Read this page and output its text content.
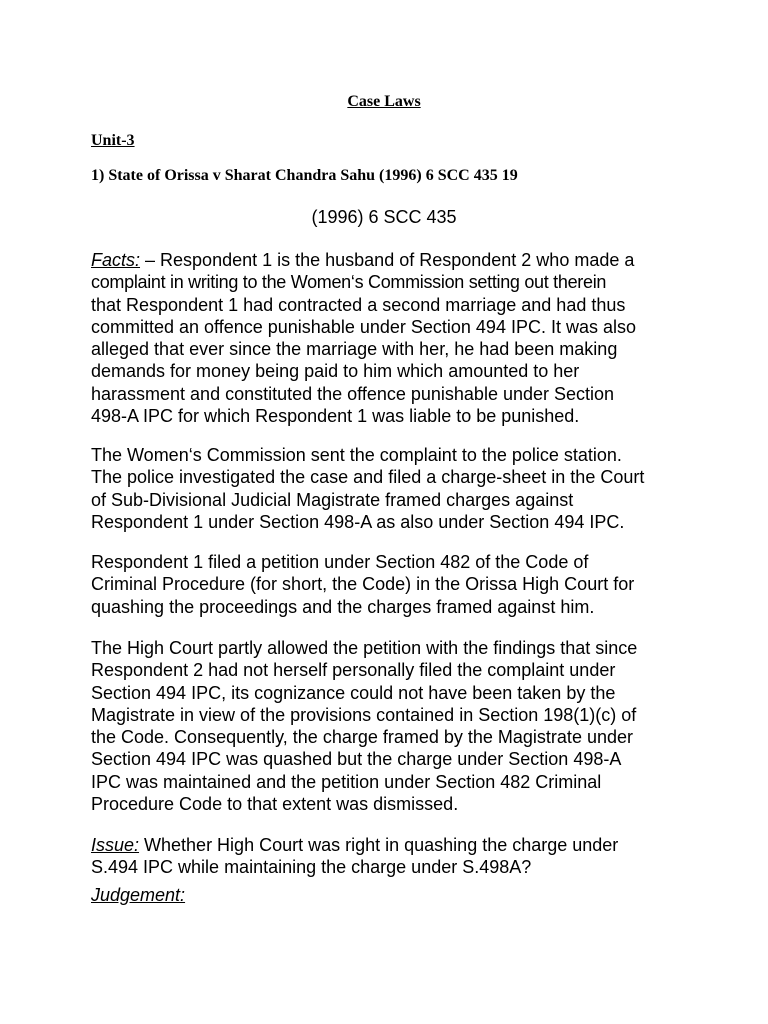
Case Laws
Unit-3
1) State of Orissa v Sharat Chandra Sahu (1996) 6 SCC 435 19
(1996) 6 SCC 435
Facts: – Respondent 1 is the husband of Respondent 2 who made a
complaint in writing to the Women‘s Commission setting out therein
that Respondent 1 had contracted a second marriage and had thus
committed an offence punishable under Section 494 IPC. It was also
alleged that ever since the marriage with her, he had been making
demands for money being paid to him which amounted to her
harassment and constituted the offence punishable under Section
498-A IPC for which Respondent 1 was liable to be punished.
The Women‘s Commission sent the complaint to the police station.
The police investigated the case and filed a charge-sheet in the Court
of Sub-Divisional Judicial Magistrate framed charges against
Respondent 1 under Section 498-A as also under Section 494 IPC.
Respondent 1 filed a petition under Section 482 of the Code of
Criminal Procedure (for short, the Code) in the Orissa High Court for
quashing the proceedings and the charges framed against him.
The High Court partly allowed the petition with the findings that since
Respondent 2 had not herself personally filed the complaint under
Section 494 IPC, its cognizance could not have been taken by the
Magistrate in view of the provisions contained in Section 198(1)(c) of
the Code. Consequently, the charge framed by the Magistrate under
Section 494 IPC was quashed but the charge under Section 498-A
IPC was maintained and the petition under Section 482 Criminal
Procedure Code to that extent was dismissed.
Issue: Whether High Court was right in quashing the charge under
S.494 IPC while maintaining the charge under S.498A?
Judgement:
